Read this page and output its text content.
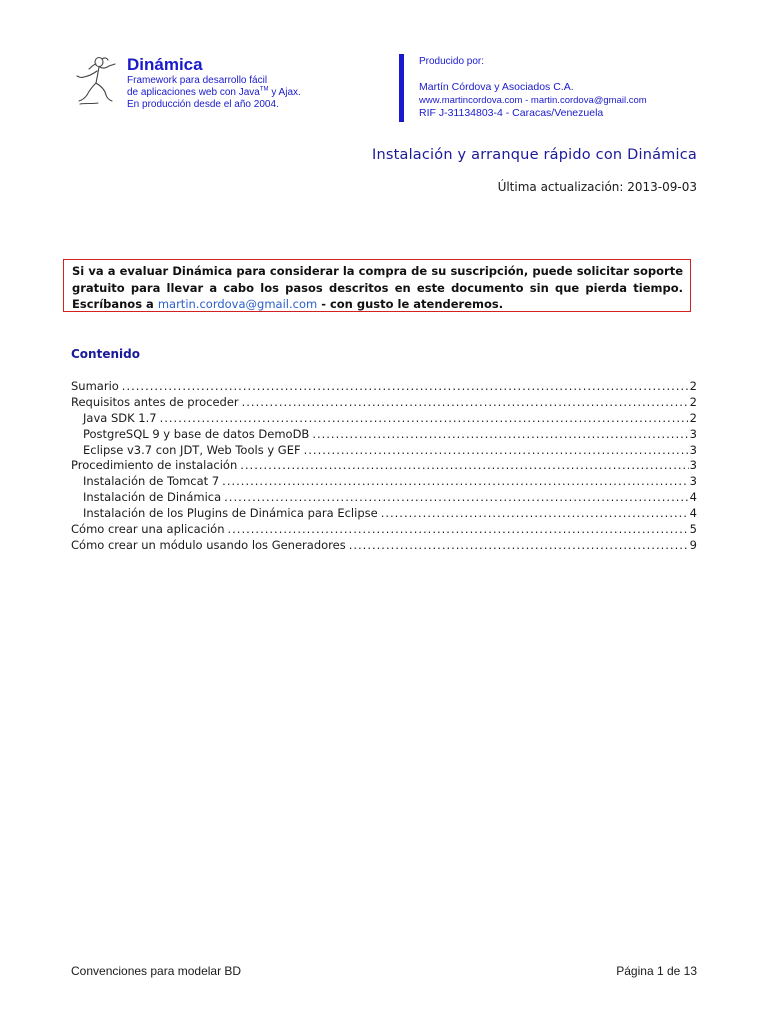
Dinámica
Framework para desarrollo fácil
de aplicaciones web con Java™ y Ajax.
En producción desde el año 2004.
Producido por:
Martín Córdova y Asociados C.A.
www.martincordova.com - martin.cordova@gmail.com
RIF J-31134803-4 - Caracas/Venezuela
Instalación y arranque rápido con Dinámica
Última actualización: 2013-09-03
Si va a evaluar Dinámica para considerar la compra de su suscripción, puede solicitar soporte gratuito para llevar a cabo los pasos descritos en este documento sin que pierda tiempo. Escríbanos a martin.cordova@gmail.com - con gusto le atenderemos.
Contenido
Sumario .....	2
Requisitos antes de proceder .....	2
Java SDK 1.7 .....	2
PostgreSQL 9 y base de datos DemoDB .....	3
Eclipse v3.7 con JDT, Web Tools y GEF .....	3
Procedimiento de instalación .....	3
Instalación de Tomcat 7 .....	3
Instalación de Dinámica .....	4
Instalación de los Plugins de Dinámica para Eclipse .....	4
Cómo crear una aplicación .....	5
Cómo crear un módulo usando los Generadores .....	9
Convenciones para modelar BD	Página 1 de 13
